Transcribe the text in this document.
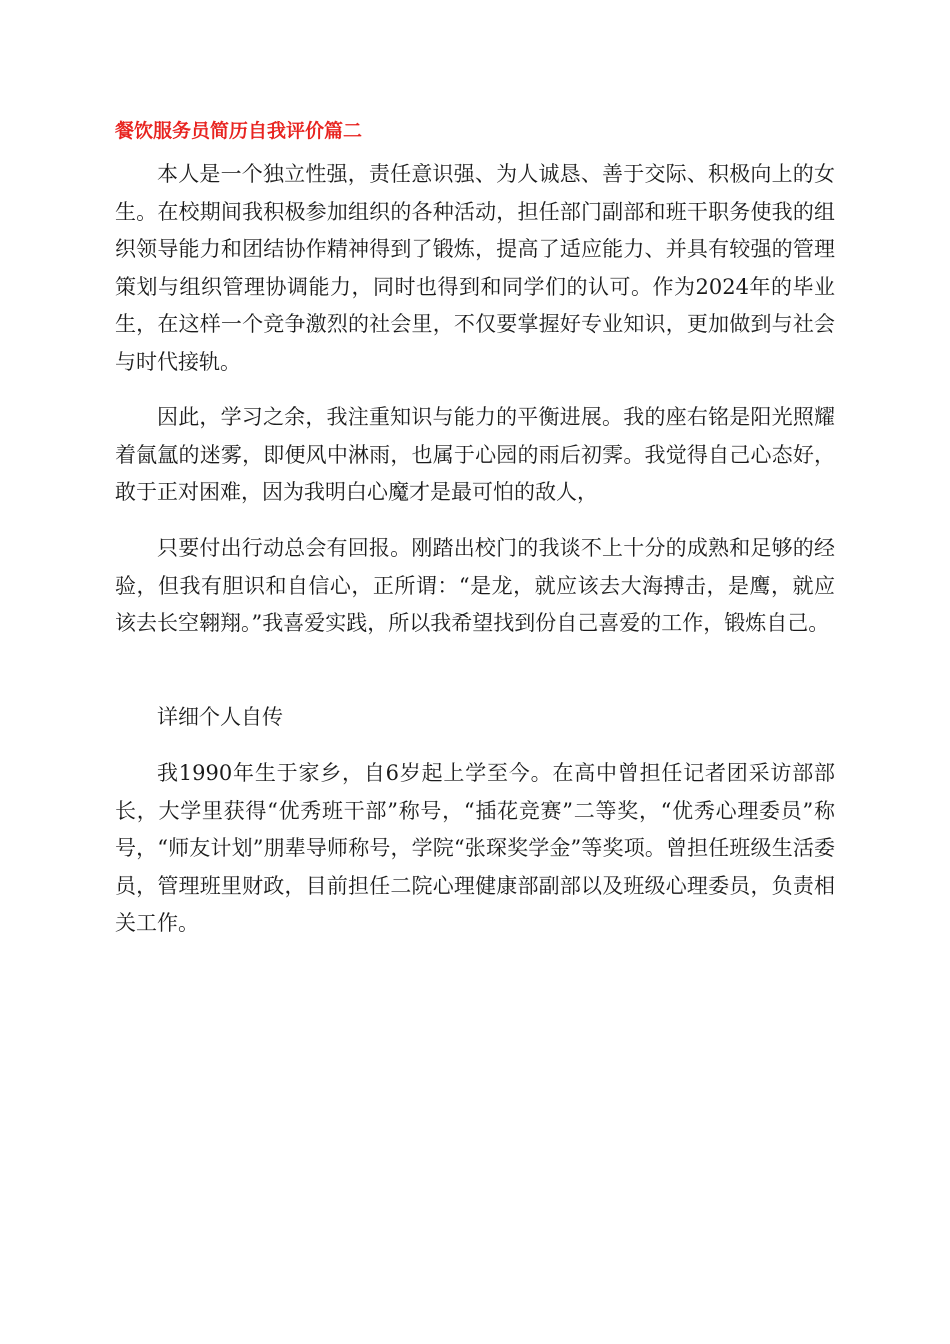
餐饮服务员简历自我评价篇二

本人是一个独立性强，责任意识强、为人诚恳、善于交际、积极向上的女生。在校期间我积极参加组织的各种活动，担任部门副部和班干职务使我的组织领导能力和团结协作精神得到了锻炼，提高了适应能力、并具有较强的管理策划与组织管理协调能力，同时也得到和同学们的认可。作为2024年的毕业生，在这样一个竞争激烈的社会里，不仅要掌握好专业知识，更加做到与社会与时代接轨。

因此，学习之余，我注重知识与能力的平衡进展。我的座右铭是阳光照耀着氤氲的迷雾，即便风中淋雨，也属于心园的雨后初霁。我觉得自己心态好，敢于正对困难，因为我明白心魔才是最可怕的敌人，

只要付出行动总会有回报。刚踏出校门的我谈不上十分的成熟和足够的经验，但我有胆识和自信心，正所谓：“是龙，就应该去大海搏击，是鹰，就应该去长空翱翔。”我喜爱实践，所以我希望找到份自己喜爱的工作，锻炼自己。

详细个人自传

我1990年生于家乡，自6岁起上学至今。在高中曾担任记者团采访部部长，大学里获得“优秀班干部”称号，“插花竞赛”二等奖，“优秀心理委员”称号，“师友计划”朋辈导师称号，学院“张琛奖学金”等奖项。曾担任班级生活委员，管理班里财政，目前担任二院心理健康部副部以及班级心理委员，负责相关工作。
